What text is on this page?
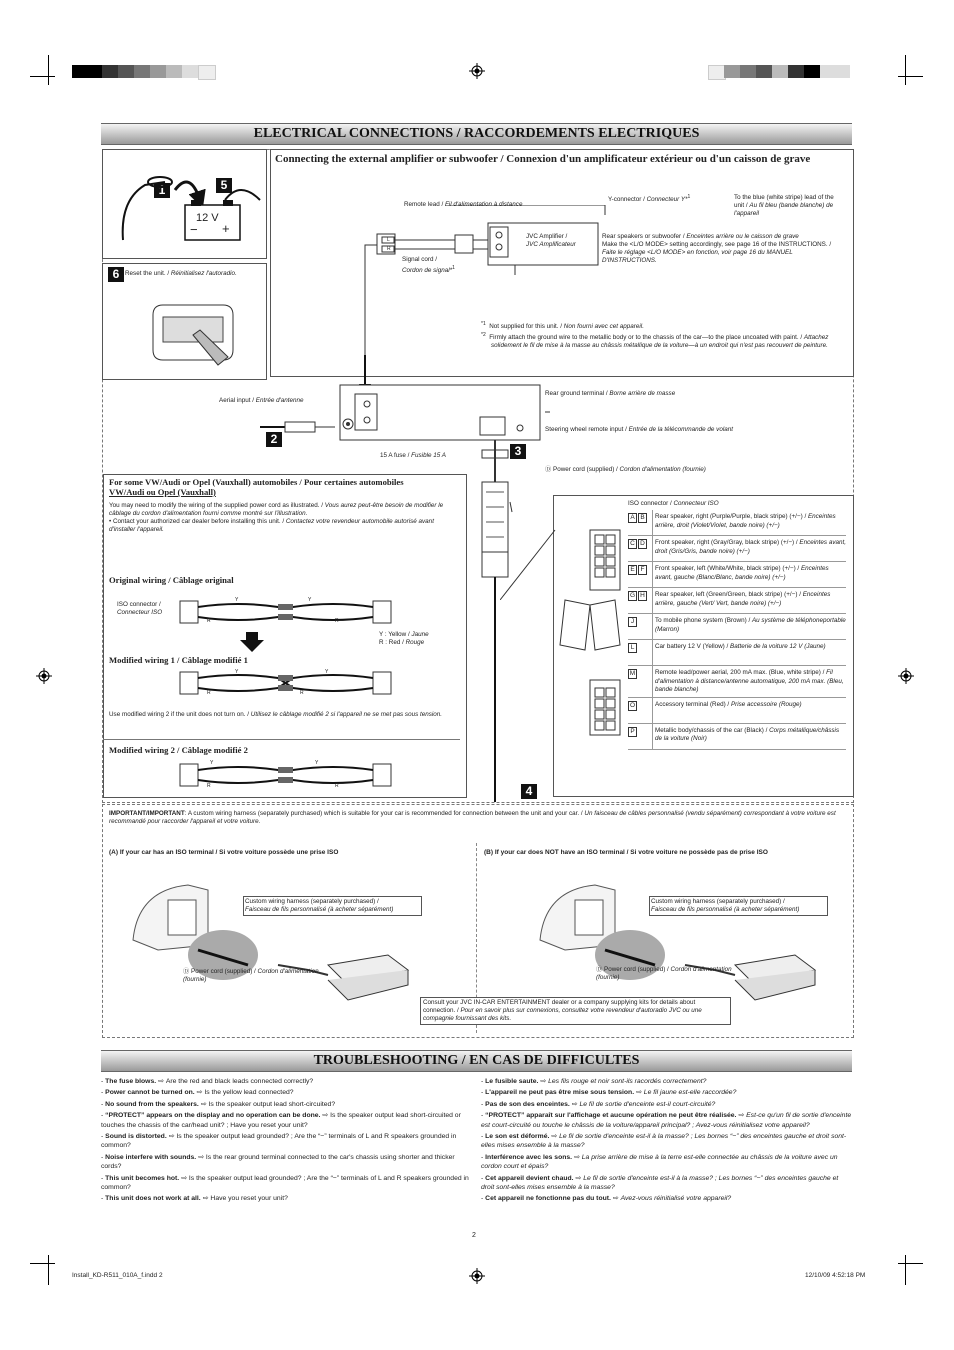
ELECTRICAL CONNECTIONS / RACCORDEMENTS ELECTRIQUES
1	5
12 V
− +
6 Reset the unit. / Réinitialisez l'autoradio.
Connecting the external amplifier or subwoofer / Connexion d'un amplificateur extérieur ou d'un caisson de grave
Remote lead / Fil d'alimentation à distance
Y-connector / Connecteur Y*$^1$	To the blue (white stripe) lead of the unit / Au fil bleu (bande blanche) de l'appareil
L
R
JVC Amplifier /
JVC Amplificateur
Signal cord /
Cordon de signal*$^1$
Rear speakers or subwoofer / Enceintes arrière ou le caisson de grave
Make the <L/O MODE> setting accordingly, see page 16 of the INSTRUCTIONS. / Faite le réglage <L/O MODE> en fonction, voir page 16 du MANUEL D'INSTRUCTIONS.
$^{*1}$ Not supplied for this unit. / Non fourni avec cet appareil.
$^{*2}$ Firmly attach the ground wire to the metallic body or to the chassis of the car—to the place uncoated with paint. / Attachez solidement le fil de mise à la masse au châssis métallique de la voiture—à un endroit qui n'est pas recouvert de peinture.
2
3
4
Aerial input / Entrée d'antenne
Rear ground terminal / Borne arrière de masse
Steering wheel remote input / Entrée de la télécommande de volant
15 A fuse / Fusible 15 A
Ⓓ Power cord (supplied) / Cordon d'alimentation (fournie)
For some VW/Audi or Opel (Vauxhall) automobiles / Pour certaines automobiles
VW/Audi ou Opel (Vauxhall)
You may need to modify the wiring of the supplied power cord as illustrated. / Vous aurez peut-être besoin de modifier le câblage du cordon d'alimentation fourni comme montré sur l'illustration.
• Contact your authorized car dealer before installing this unit. / Contactez votre revendeur automobile autorisé avant d'installer l'appareil.
Original wiring / Câblage original
ISO connector /
Connecteur ISO
Y	Y
R	R
Y : Yellow / Jaune
R : Red / Rouge
Modified wiring 1 / Câblage modifié 1
Y	Y
R	R
Use modified wiring 2 if the unit does not turn on. / Utilisez le câblage modifié 2 si l'appareil ne se met pas sous tension.
Modified wiring 2 / Câblage modifié 2
Y	Y
R	R
ISO connector / Connecteur ISO
A B	Rear speaker, right (Purple/Purple, black stripe) (+/−) / Enceintes arrière, droit (Violet/Violet, bande noire) (+/−)
C D	Front speaker, right (Gray/Gray, black stripe) (+/−) / Enceintes avant, droit (Gris/Gris, bande noire) (+/−)
E F	Front speaker, left (White/White, black stripe) (+/−) / Enceintes avant, gauche (Blanc/Blanc, bande noire) (+/−)
G H	Rear speaker, left (Green/Green, black stripe) (+/−) / Enceintes arrière, gauche (Vert/ Vert, bande noire) (+/−)
J	To mobile phone system (Brown) / Au système de téléphoneportable (Marron)
L	Car battery 12 V (Yellow) / Batterie de la voiture 12 V (Jaune)
M	Remote lead/power aerial, 200 mA max. (Blue, white stripe) / Fil d'alimentation à distance/antenne automatique, 200 mA max. (Bleu, bande blanche)
O	Accessory terminal (Red) / Prise accessoire (Rouge)
P	Metallic body/chassis of the car (Black) / Corps métallique/châssis de la voiture (Noir)
IMPORTANT/IMPORTANT: A custom wiring harness (separately purchased) which is suitable for your car is recommended for connection between the unit and your car. / Un faisceau de câbles personnalisé (vendu séparément) correspondant à votre voiture est recommandé pour raccorder l'appareil et votre voiture.
(A) If your car has an ISO terminal / Si votre voiture possède une prise ISO	(B) If your car does NOT have an ISO terminal / Si votre voiture ne possède pas de prise ISO
Custom wiring harness (separately purchased) /
Faisceau de fils personnalisé (à acheter séparément)
Ⓓ Power cord (supplied) / Cordon d'alimentation (fournie)
Custom wiring harness (separately purchased) /
Faisceau de fils personnalisé (à acheter séparément)
Ⓓ Power cord (supplied) / Cordon d'alimentation (fournie)
Consult your JVC IN-CAR ENTERTAINMENT dealer or a company supplying kits for details about connection. / Pour en savoir plus sur connexions, consultez votre revendeur d'autoradio JVC ou une compagnie fournissant des kits.
TROUBLESHOOTING / EN CAS DE DIFFICULTES
- The fuse blows. ⇨ Are the red and black leads connected correctly?
- Power cannot be turned on. ⇨ Is the yellow lead connected?
- No sound from the speakers. ⇨ Is the speaker output lead short-circuited?
- “PROTECT” appears on the display and no operation can be done. ⇨ Is the speaker output lead short-circuited or touches the chassis of the car/head unit? ; Have you reset your unit?
- Sound is distorted. ⇨ Is the speaker output lead grounded? ; Are the “−” terminals of L and R speakers grounded in common?
- Noise interfere with sounds. ⇨ Is the rear ground terminal connected to the car's chassis using shorter and thicker cords?
- This unit becomes hot. ⇨ Is the speaker output lead grounded? ; Are the “−” terminals of L and R speakers grounded in common?
- This unit does not work at all. ⇨ Have you reset your unit?
- Le fusible saute. ⇨ Les fils rouge et noir sont-ils racordés correctement?
- L'appareil ne peut pas être mise sous tension. ⇨ Le fil jaune est-elle raccordée?
- Pas de son des enceintes. ⇨ Le fil de sortie d'enceinte est-il court-circuité?
- “PROTECT” apparaît sur l'affichage et aucune opération ne peut être réalisée. ⇨ Est-ce qu'un fil de sortie d'enceinte est court-circuité ou touche le châssis de la voiture/appareil principal? ; Avez-vous réinitialisez votre appareil?
- Le son est déformé. ⇨ Le fil de sortie d'enceinte est-il à la masse? ; Les bornes “−” des enceintes gauche et droit sont-elles mises ensemble à la masse?
- Interférence avec les sons. ⇨ La prise arrière de mise à la terre est-elle connectée au châssis de la voiture avec un cordon court et épais?
- Cet appareil devient chaud. ⇨ Le fil de sortie d'enceinte est-il à la masse? ; Les bornes “−” des enceintes gauche et droit sont-elles mises ensemble à la masse?
- Cet appareil ne fonctionne pas du tout. ⇨ Avez-vous réinitialisé votre appareil?
2
Install_KD-R511_010A_f.indd 2	12/10/09 4:52:18 PM
